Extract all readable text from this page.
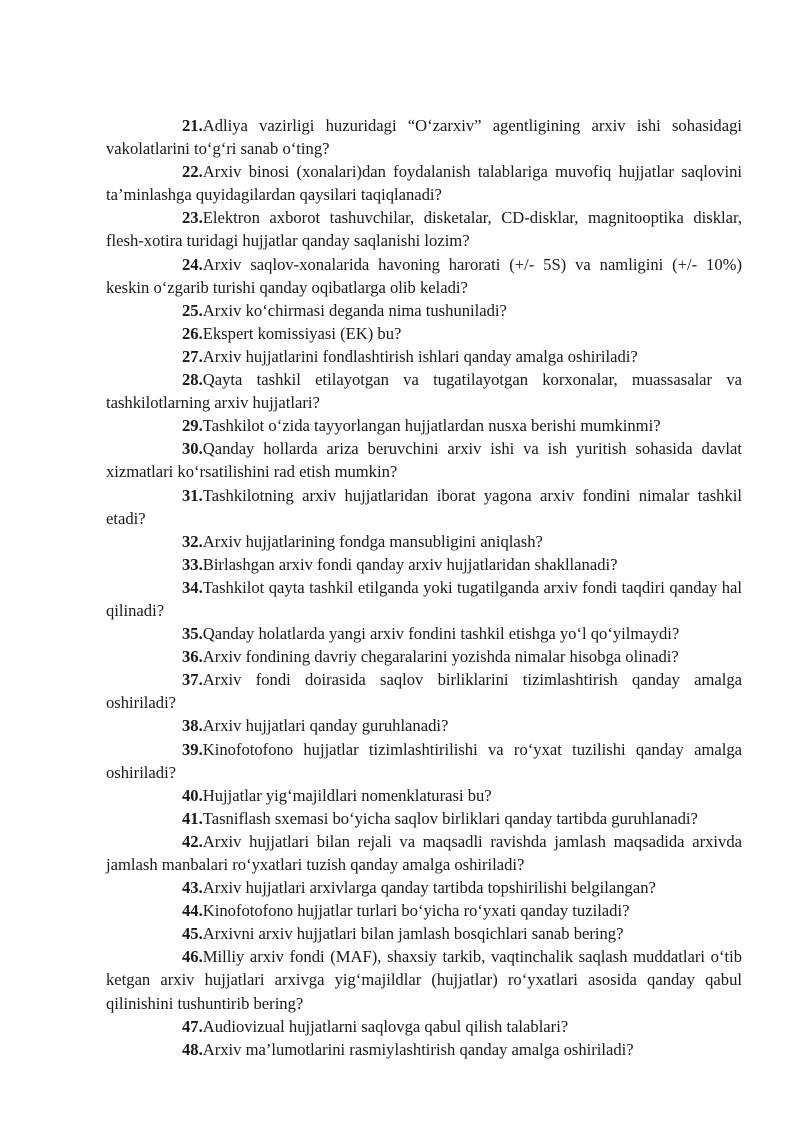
21.Adliya vazirligi huzuridagi “O‘zarxiv” agentligining arxiv ishi sohasidagi vakolatlarini to‘g‘ri sanab o‘ting?

22.Arxiv binosi (xonalari)dan foydalanish talablariga muvofiq hujjatlar saqlovini ta’minlashga quyidagilardan qaysilari taqiqlanadi?

23.Elektron axborot tashuvchilar, disketalar, CD-disklar, magnitooptika disklar, flesh-xotira turidagi hujjatlar qanday saqlanishi lozim?

24.Arxiv saqlov-xonalarida havoning harorati (+/- 5S) va namligini (+/- 10%) keskin o‘zgarib turishi qanday oqibatlarga olib keladi?

25.Arxiv ko‘chirmasi deganda nima tushuniladi?

26.Ekspert komissiyasi (EK) bu?

27.Arxiv hujjatlarini fondlashtirish ishlari qanday amalga oshiriladi?

28.Qayta tashkil etilayotgan va tugatilayotgan korxonalar, muassasalar va tashkilotlarning arxiv hujjatlari?

29.Tashkilot o‘zida tayyorlangan hujjatlardan nusxa berishi mumkinmi?

30.Qanday hollarda ariza beruvchini arxiv ishi va ish yuritish sohasida davlat xizmatlari ko‘rsatilishini rad etish mumkin?

31.Tashkilotning arxiv hujjatlaridan iborat yagona arxiv fondini nimalar tashkil etadi?

32.Arxiv hujjatlarining fondga mansubligini aniqlash?

33.Birlashgan arxiv fondi qanday arxiv hujjatlaridan shakllanadi?

34.Tashkilot qayta tashkil etilganda yoki tugatilganda arxiv fondi taqdiri qanday hal qilinadi?

35.Qanday holatlarda yangi arxiv fondini tashkil etishga yo‘l qo‘yilmaydi?

36.Arxiv fondining davriy chegaralarini yozishda nimalar hisobga olinadi?

37.Arxiv fondi doirasida saqlov birliklarini tizimlashtirish qanday amalga oshiriladi?

38.Arxiv hujjatlari qanday guruhlanadi?

39.Kinofotofono hujjatlar tizimlashtirilishi va ro‘yxat tuzilishi qanday amalga oshiriladi?

40.Hujjatlar yig‘majildlari nomenklaturasi bu?

41.Tasniflash sxemasi bo‘yicha saqlov birliklari qanday tartibda guruhlanadi?

42.Arxiv hujjatlari bilan rejali va maqsadli ravishda jamlash maqsadida arxivda jamlash manbalari ro‘yxatlari tuzish qanday amalga oshiriladi?

43.Arxiv hujjatlari arxivlarga qanday tartibda topshirilishi belgilangan?

44.Kinofotofono hujjatlar turlari bo‘yicha ro‘yxati qanday tuziladi?

45.Arxivni arxiv hujjatlari bilan jamlash bosqichlari sanab bering?

46.Milliy arxiv fondi (MAF), shaxsiy tarkib, vaqtinchalik saqlash muddatlari o‘tib ketgan arxiv hujjatlari arxivga yig‘majildlar (hujjatlar) ro‘yxatlari asosida qanday qabul qilinishini tushuntirib bering?

47.Audiovizual hujjatlarni saqlovga qabul qilish talablari?

48.Arxiv ma’lumotlarini rasmiylashtirish qanday amalga oshiriladi?
